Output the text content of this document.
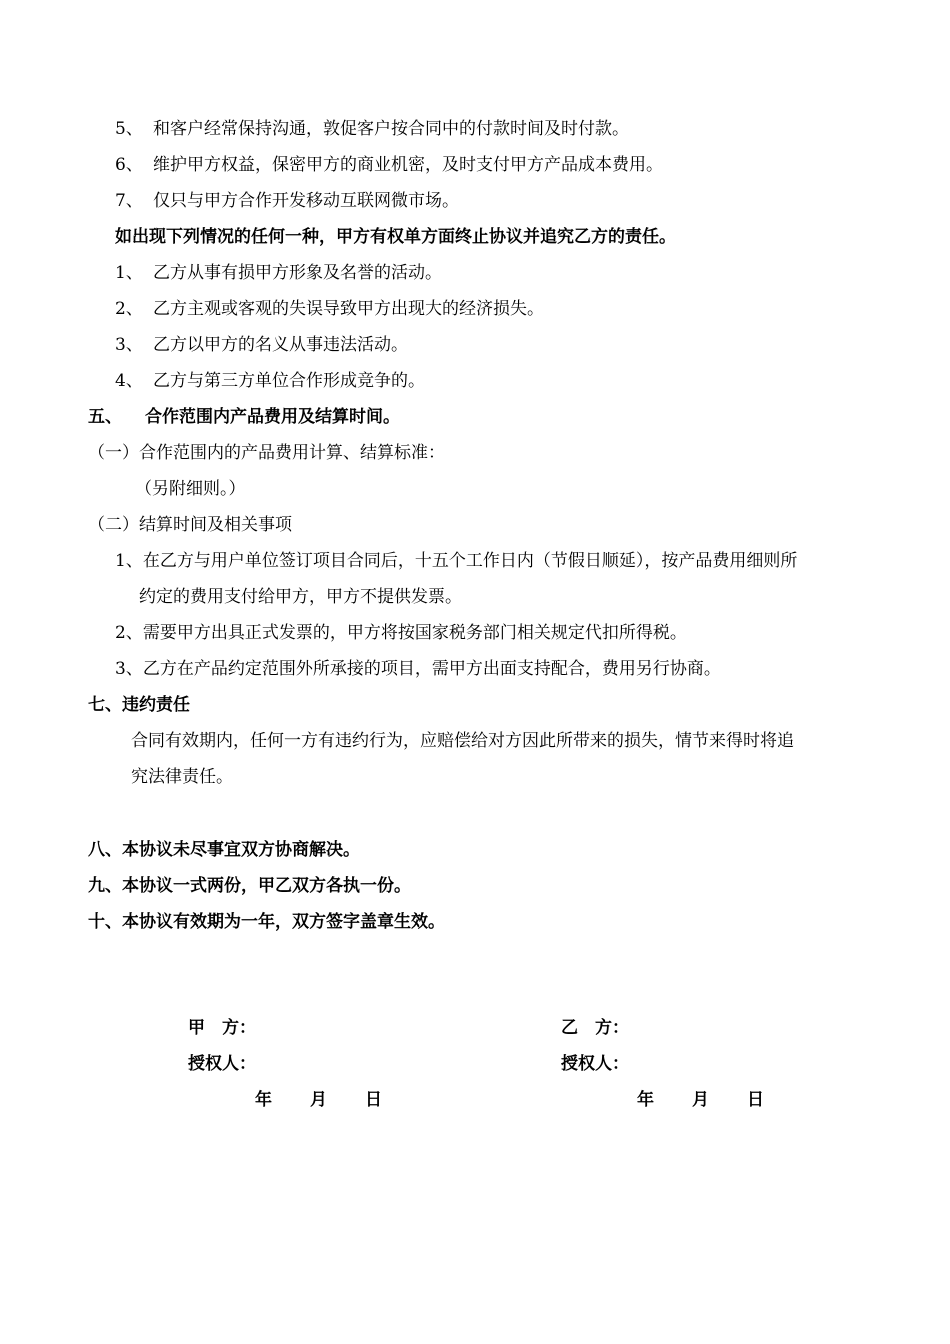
5、 和客户经常保持沟通，敦促客户按合同中的付款时间及时付款。
6、 维护甲方权益，保密甲方的商业机密，及时支付甲方产品成本费用。
7、 仅只与甲方合作开发移动互联网微市场。
如出现下列情况的任何一种，甲方有权单方面终止协议并追究乙方的责任。
1、 乙方从事有损甲方形象及名誉的活动。
2、 乙方主观或客观的失误导致甲方出现大的经济损失。
3、 乙方以甲方的名义从事违法活动。
4、 乙方与第三方单位合作形成竞争的。
五、 合作范围内产品费用及结算时间。
（一）合作范围内的产品费用计算、结算标准：
（另附细则。）
（二）结算时间及相关事项
1、在乙方与用户单位签订项目合同后，十五个工作日内（节假日顺延），按产品费用细则所
约定的费用支付给甲方，甲方不提供发票。
2、需要甲方出具正式发票的，甲方将按国家税务部门相关规定代扣所得税。
3、乙方在产品约定范围外所承接的项目，需甲方出面支持配合，费用另行协商。
七、违约责任
合同有效期内，任何一方有违约行为，应赔偿给对方因此所带来的损失，情节来得时将追
究法律责任。
八、本协议未尽事宜双方协商解决。
九、本协议一式两份，甲乙双方各执一份。
十、本协议有效期为一年，双方签字盖章生效。
甲　方：	乙　方：
授权人：	授权人：
年 月 日	年 月 日
